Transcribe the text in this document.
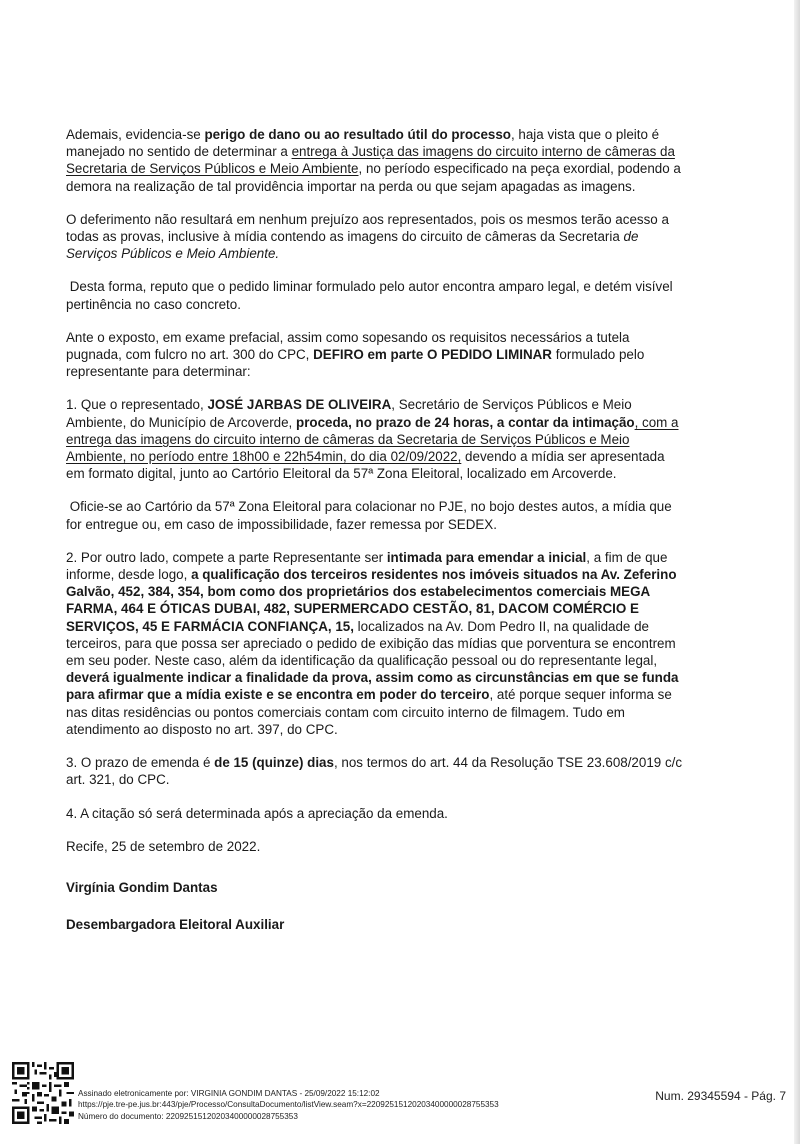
Ademais, evidencia-se perigo de dano ou ao resultado útil do processo, haja vista que o pleito é manejado no sentido de determinar a entrega à Justiça das imagens do circuito interno de câmeras da Secretaria de Serviços Públicos e Meio Ambiente, no período especificado na peça exordial, podendo a demora na realização de tal providência importar na perda ou que sejam apagadas as imagens.

O deferimento não resultará em nenhum prejuízo aos representados, pois os mesmos terão acesso a todas as provas, inclusive à mídia contendo as imagens do circuito de câmeras da Secretaria de Serviços Públicos e Meio Ambiente.

Desta forma, reputo que o pedido liminar formulado pelo autor encontra amparo legal, e detém visível pertinência no caso concreto.

Ante o exposto, em exame prefacial, assim como sopesando os requisitos necessários a tutela pugnada, com fulcro no art. 300 do CPC, DEFIRO em parte O PEDIDO LIMINAR formulado pelo representante para determinar:

1. Que o representado, JOSÉ JARBAS DE OLIVEIRA, Secretário de Serviços Públicos e Meio Ambiente, do Município de Arcoverde, proceda, no prazo de 24 horas, a contar da intimação, com a entrega das imagens do circuito interno de câmeras da Secretaria de Serviços Públicos e Meio Ambiente, no período entre 18h00 e 22h54min, do dia 02/09/2022, devendo a mídia ser apresentada em formato digital, junto ao Cartório Eleitoral da 57ª Zona Eleitoral, localizado em Arcoverde.

Oficie-se ao Cartório da 57ª Zona Eleitoral para colacionar no PJE, no bojo destes autos, a mídia que for entregue ou, em caso de impossibilidade, fazer remessa por SEDEX.

2. Por outro lado, compete a parte Representante ser intimada para emendar a inicial, a fim de que informe, desde logo, a qualificação dos terceiros residentes nos imóveis situados na Av. Zeferino Galvão, 452, 384, 354, bom como dos proprietários dos estabelecimentos comerciais MEGA FARMA, 464 E ÓTICAS DUBAI, 482, SUPERMERCADO CESTÃO, 81, DACOM COMÉRCIO E SERVIÇOS, 45 E FARMÁCIA CONFIANÇA, 15, localizados na Av. Dom Pedro II, na qualidade de terceiros, para que possa ser apreciado o pedido de exibição das mídias que porventura se encontrem em seu poder. Neste caso, além da identificação da qualificação pessoal ou do representante legal, deverá igualmente indicar a finalidade da prova, assim como as circunstâncias em que se funda para afirmar que a mídia existe e se encontra em poder do terceiro, até porque sequer informa se nas ditas residências ou pontos comerciais contam com circuito interno de filmagem. Tudo em atendimento ao disposto no art. 397, do CPC.

3. O prazo de emenda é de 15 (quinze) dias, nos termos do art. 44 da Resolução TSE 23.608/2019 c/c art. 321, do CPC.

4. A citação só será determinada após a apreciação da emenda.

Recife, 25 de setembro de 2022.

Virgínia Gondim Dantas
Desembargadora Eleitoral Auxiliar
Assinado eletronicamente por: VIRGINIA GONDIM DANTAS - 25/09/2022 15:12:02
https://pje.tre-pe.jus.br:443/pje/Processo/ConsultaDocumento/listView.seam?x=22092515120203400000028755353
Número do documento: 22092515120203400000028755353
Num. 29345594 - Pág. 7
